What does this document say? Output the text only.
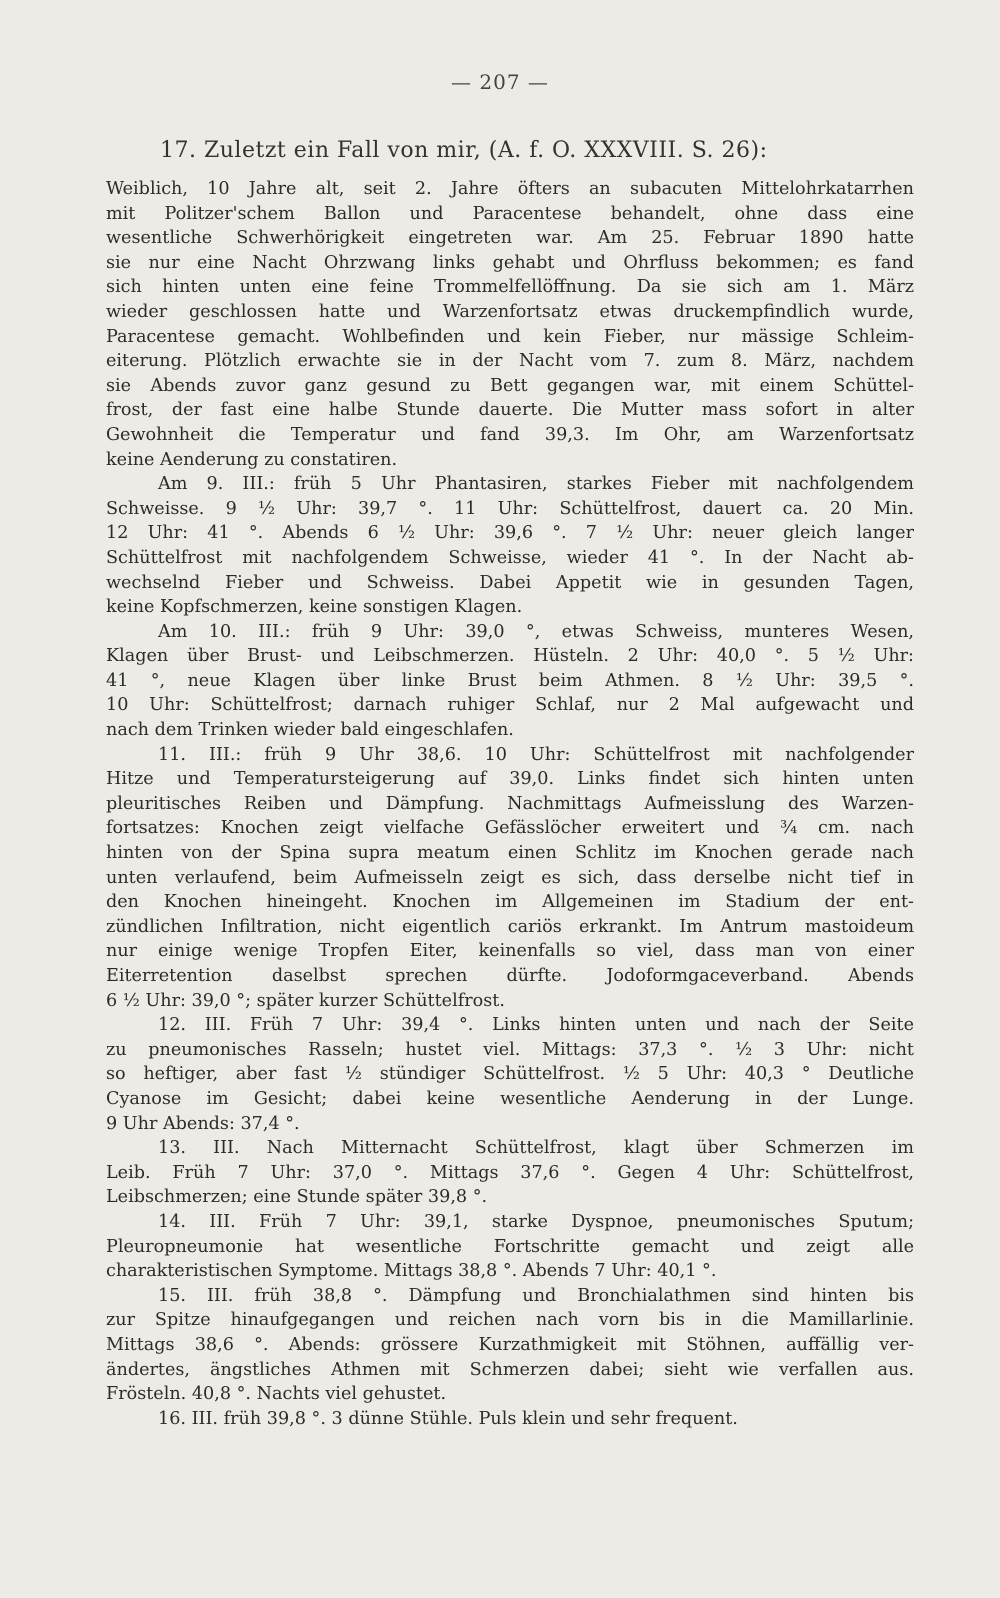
— 207 —
17. Zuletzt ein Fall von mir, (A. f. O. XXXVIII. S. 26):
Weiblich, 10 Jahre alt, seit 2. Jahre öfters an subacuten Mittelohrkatarrhen
mit Politzer'schem Ballon und Paracentese behandelt, ohne dass eine
wesentliche Schwerhörigkeit eingetreten war. Am 25. Februar 1890 hatte
sie nur eine Nacht Ohrzwang links gehabt und Ohrfluss bekommen; es fand
sich hinten unten eine feine Trommelfellöffnung. Da sie sich am 1. März
wieder geschlossen hatte und Warzenfortsatz etwas druckempfindlich wurde,
Paracentese gemacht. Wohlbefinden und kein Fieber, nur mässige Schleim-
eiterung. Plötzlich erwachte sie in der Nacht vom 7. zum 8. März, nachdem
sie Abends zuvor ganz gesund zu Bett gegangen war, mit einem Schüttel-
frost, der fast eine halbe Stunde dauerte. Die Mutter mass sofort in alter
Gewohnheit die Temperatur und fand 39,3. Im Ohr, am Warzenfortsatz
keine Aenderung zu constatiren.
Am 9. III.: früh 5 Uhr Phantasiren, starkes Fieber mit nachfolgendem
Schweisse. 9 ½ Uhr: 39,7 °. 11 Uhr: Schüttelfrost, dauert ca. 20 Min.
12 Uhr: 41 °. Abends 6 ½ Uhr: 39,6 °. 7 ½ Uhr: neuer gleich langer
Schüttelfrost mit nachfolgendem Schweisse, wieder 41 °. In der Nacht ab-
wechselnd Fieber und Schweiss. Dabei Appetit wie in gesunden Tagen,
keine Kopfschmerzen, keine sonstigen Klagen.
Am 10. III.: früh 9 Uhr: 39,0 °, etwas Schweiss, munteres Wesen,
Klagen über Brust- und Leibschmerzen. Hüsteln. 2 Uhr: 40,0 °. 5 ½ Uhr:
41 °, neue Klagen über linke Brust beim Athmen. 8 ½ Uhr: 39,5 °.
10 Uhr: Schüttelfrost; darnach ruhiger Schlaf, nur 2 Mal aufgewacht und
nach dem Trinken wieder bald eingeschlafen.
11. III.: früh 9 Uhr 38,6. 10 Uhr: Schüttelfrost mit nachfolgender
Hitze und Temperatursteigerung auf 39,0. Links findet sich hinten unten
pleuritisches Reiben und Dämpfung. Nachmittags Aufmeisslung des Warzen-
fortsatzes: Knochen zeigt vielfache Gefässlöcher erweitert und ¾ cm. nach
hinten von der Spina supra meatum einen Schlitz im Knochen gerade nach
unten verlaufend, beim Aufmeisseln zeigt es sich, dass derselbe nicht tief in
den Knochen hineingeht. Knochen im Allgemeinen im Stadium der ent-
zündlichen Infiltration, nicht eigentlich cariös erkrankt. Im Antrum mastoideum
nur einige wenige Tropfen Eiter, keinenfalls so viel, dass man von einer
Eiterretention daselbst sprechen dürfte. Jodoformgaceverband. Abends
6 ½ Uhr: 39,0 °; später kurzer Schüttelfrost.
12. III. Früh 7 Uhr: 39,4 °. Links hinten unten und nach der Seite
zu pneumonisches Rasseln; hustet viel. Mittags: 37,3 °. ½ 3 Uhr: nicht
so heftiger, aber fast ½ stündiger Schüttelfrost. ½ 5 Uhr: 40,3 ° Deutliche
Cyanose im Gesicht; dabei keine wesentliche Aenderung in der Lunge.
9 Uhr Abends: 37,4 °.
13. III. Nach Mitternacht Schüttelfrost, klagt über Schmerzen im
Leib. Früh 7 Uhr: 37,0 °. Mittags 37,6 °. Gegen 4 Uhr: Schüttelfrost,
Leibschmerzen; eine Stunde später 39,8 °.
14. III. Früh 7 Uhr: 39,1, starke Dyspnoe, pneumonisches Sputum;
Pleuropneumonie hat wesentliche Fortschritte gemacht und zeigt alle
charakteristischen Symptome. Mittags 38,8 °. Abends 7 Uhr: 40,1 °.
15. III. früh 38,8 °. Dämpfung und Bronchialathmen sind hinten bis
zur Spitze hinaufgegangen und reichen nach vorn bis in die Mamillarlinie.
Mittags 38,6 °. Abends: grössere Kurzathmigkeit mit Stöhnen, auffällig ver-
ändertes, ängstliches Athmen mit Schmerzen dabei; sieht wie verfallen aus.
Frösteln. 40,8 °. Nachts viel gehustet.
16. III. früh 39,8 °. 3 dünne Stühle. Puls klein und sehr frequent.
